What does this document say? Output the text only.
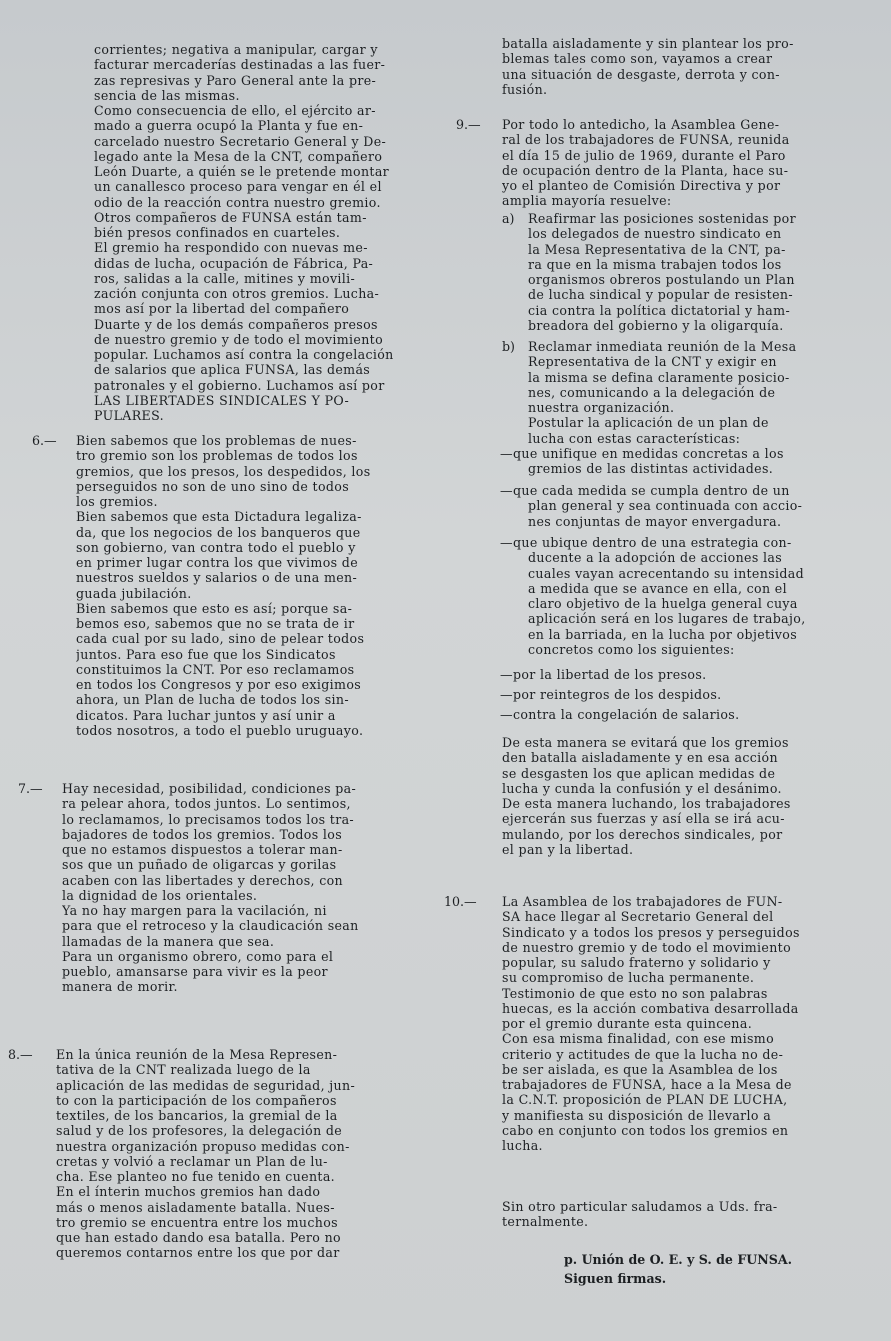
corrientes; negativa a manipular, cargar y
facturar mercaderías destinadas a las fuer-
zas represivas y Paro General ante la pre-
sencia de las mismas.
Como consecuencia de ello, el ejército ar-
mado a guerra ocupó la Planta y fue en-
carcelado nuestro Secretario General y De-
legado ante la Mesa de la CNT, compañero
León Duarte, a quién se le pretende montar
un canallesco proceso para vengar en él el
odio de la reacción contra nuestro gremio.
Otros compañeros de FUNSA están tam-
bién presos confinados en cuarteles.
El gremio ha respondido con nuevas me-
didas de lucha, ocupación de Fábrica, Pa-
ros, salidas a la calle, mitines y movili-
zación conjunta con otros gremios. Lucha-
mos así por la libertad del compañero
Duarte y de los demás compañeros presos
de nuestro gremio y de todo el movimiento
popular. Luchamos así contra la congelación
de salarios que aplica FUNSA, las demás
patronales y el gobierno. Luchamos así por
LAS LIBERTADES SINDICALES Y PO-
PULARES.
6.— Bien sabemos que los problemas de nues-
tro gremio son los problemas de todos los
gremios, que los presos, los despedidos, los
perseguidos no son de uno sino de todos
los gremios.
Bien sabemos que esta Dictadura legaliza-
da, que los negocios de los banqueros que
son gobierno, van contra todo el pueblo y
en primer lugar contra los que vivimos de
nuestros sueldos y salarios o de una men-
guada jubilación.
Bien sabemos que esto es así; porque sa-
bemos eso, sabemos que no se trata de ir
cada cual por su lado, sino de pelear todos
juntos. Para eso fue que los Sindicatos
constituimos la CNT. Por eso reclamamos
en todos los Congresos y por eso exigimos
ahora, un Plan de lucha de todos los sin-
dicatos. Para luchar juntos y así unir a
todos nosotros, a todo el pueblo uruguayo.
7.— Hay necesidad, posibilidad, condiciones pa-
ra pelear ahora, todos juntos. Lo sentimos,
lo reclamamos, lo precisamos todos los tra-
bajadores de todos los gremios. Todos los
que no estamos dispuestos a tolerar man-
sos que un puñado de oligarcas y gorilas
acaben con las libertades y derechos, con
la dignidad de los orientales.
Ya no hay margen para la vacilación, ni
para que el retroceso y la claudicación sean
llamadas de la manera que sea.
Para un organismo obrero, como para el
pueblo, amansarse para vivir es la peor
manera de morir.
8.— En la única reunión de la Mesa Represen-
tativa de la CNT realizada luego de la
aplicación de las medidas de seguridad, jun-
to con la participación de los compañeros
textiles, de los bancarios, la gremial de la
salud y de los profesores, la delegación de
nuestra organización propuso medidas con-
cretas y volvió a reclamar un Plan de lu-
cha. Ese planteo no fue tenido en cuenta.
En el ínterin muchos gremios han dado
más o menos aisladamente batalla. Nues-
tro gremio se encuentra entre los muchos
que han estado dando esa batalla. Pero no
queremos contarnos entre los que por dar
batalla aisladamente y sin plantear los pro-
blemas tales como son, vayamos a crear
una situación de desgaste, derrota y con-
fusión.
9.— Por todo lo antedicho, la Asamblea Gene-
ral de los trabajadores de FUNSA, reunida
el día 15 de julio de 1969, durante el Paro
de ocupación dentro de la Planta, hace su-
yo el planteo de Comisión Directiva y por
amplia mayoría resuelve:
a) Reafirmar las posiciones sostenidas por
los delegados de nuestro sindicato en
la Mesa Representativa de la CNT, pa-
ra que en la misma trabajen todos los
organismos obreros postulando un Plan
de lucha sindical y popular de resisten-
cia contra la política dictatorial y ham-
breadora del gobierno y la oligarquía.
b) Reclamar inmediata reunión de la Mesa
Representativa de la CNT y exigir en
la misma se defina claramente posicio-
nes, comunicando a la delegación de
nuestra organización.
Postular la aplicación de un plan de
lucha con estas características:
—que unifique en medidas concretas a los
gremios de las distintas actividades.
—que cada medida se cumpla dentro de un
plan general y sea continuada con accio-
nes conjuntas de mayor envergadura.
—que ubique dentro de una estrategia con-
ducente a la adopción de acciones las
cuales vayan acrecentando su intensidad
a medida que se avance en ella, con el
claro objetivo de la huelga general cuya
aplicación será en los lugares de trabajo,
en la barriada, en la lucha por objetivos
concretos como los siguientes:
—por la libertad de los presos.
—por reintegros de los despidos.
—contra la congelación de salarios.
De esta manera se evitará que los gremios
den batalla aisladamente y en esa acción
se desgasten los que aplican medidas de
lucha y cunda la confusión y el desánimo.
De esta manera luchando, los trabajadores
ejercerán sus fuerzas y así ella se irá acu-
mulando, por los derechos sindicales, por
el pan y la libertad.
10.— La Asamblea de los trabajadores de FUN-
SA hace llegar al Secretario General del
Sindicato y a todos los presos y perseguidos
de nuestro gremio y de todo el movimiento
popular, su saludo fraterno y solidario y
su compromiso de lucha permanente.
Testimonio de que esto no son palabras
huecas, es la acción combativa desarrollada
por el gremio durante esta quincena.
Con esa misma finalidad, con ese mismo
criterio y actitudes de que la lucha no de-
be ser aislada, es que la Asamblea de los
trabajadores de FUNSA, hace a la Mesa de
la C.N.T. proposición de PLAN DE LUCHA,
y manifiesta su disposición de llevarlo a
cabo en conjunto con todos los gremios en
lucha.
Sin otro particular saludamos a Uds. fra-
ternalmente.
p. Unión de O. E. y S. de FUNSA.
Siguen firmas.
